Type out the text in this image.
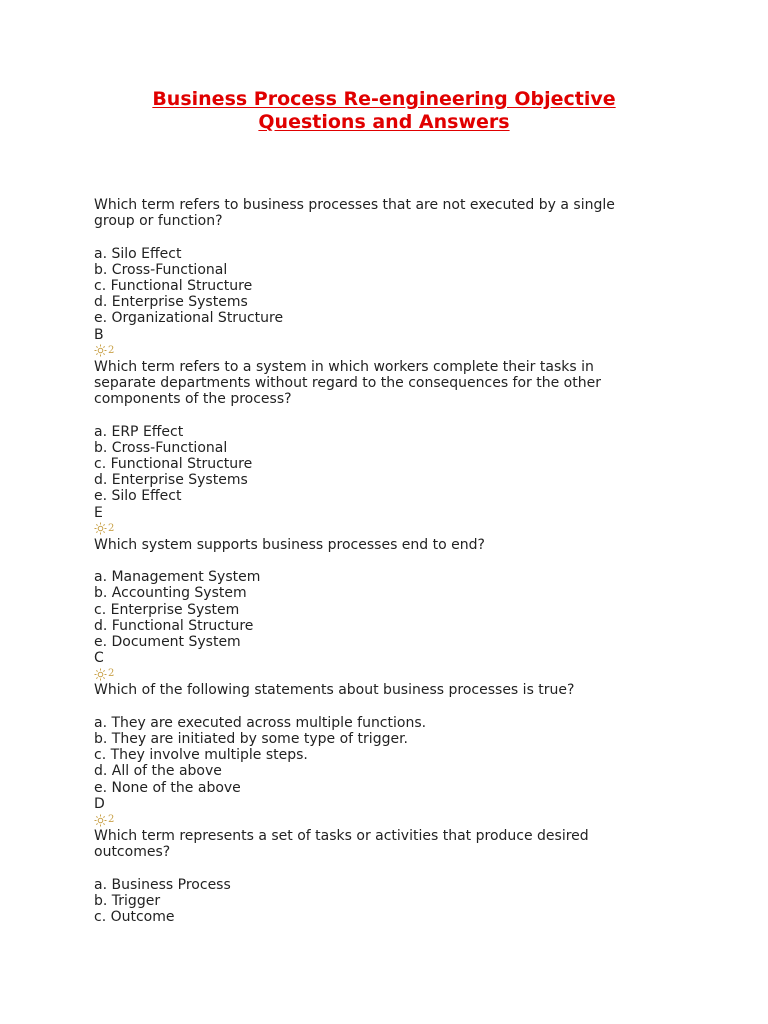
Business Process Re-engineering Objective
Questions and Answers

Which term refers to business processes that are not executed by a single group or function?

a. Silo Effect

b. Cross-Functional

c. Functional Structure

d. Enterprise Systems

e. Organizational Structure

B

2

Which term refers to a system in which workers complete their tasks in separate departments without regard to the consequences for the other components of the process?

a. ERP Effect

b. Cross-Functional

c. Functional Structure

d. Enterprise Systems

e. Silo Effect

E

2

Which system supports business processes end to end?

a. Management System

b. Accounting System

c. Enterprise System

d. Functional Structure

e. Document System

C

2

Which of the following statements about business processes is true?

a. They are executed across multiple functions.

b. They are initiated by some type of trigger.

c. They involve multiple steps.

d. All of the above

e. None of the above

D

2

Which term represents a set of tasks or activities that produce desired outcomes?

a. Business Process

b. Trigger

c. Outcome
